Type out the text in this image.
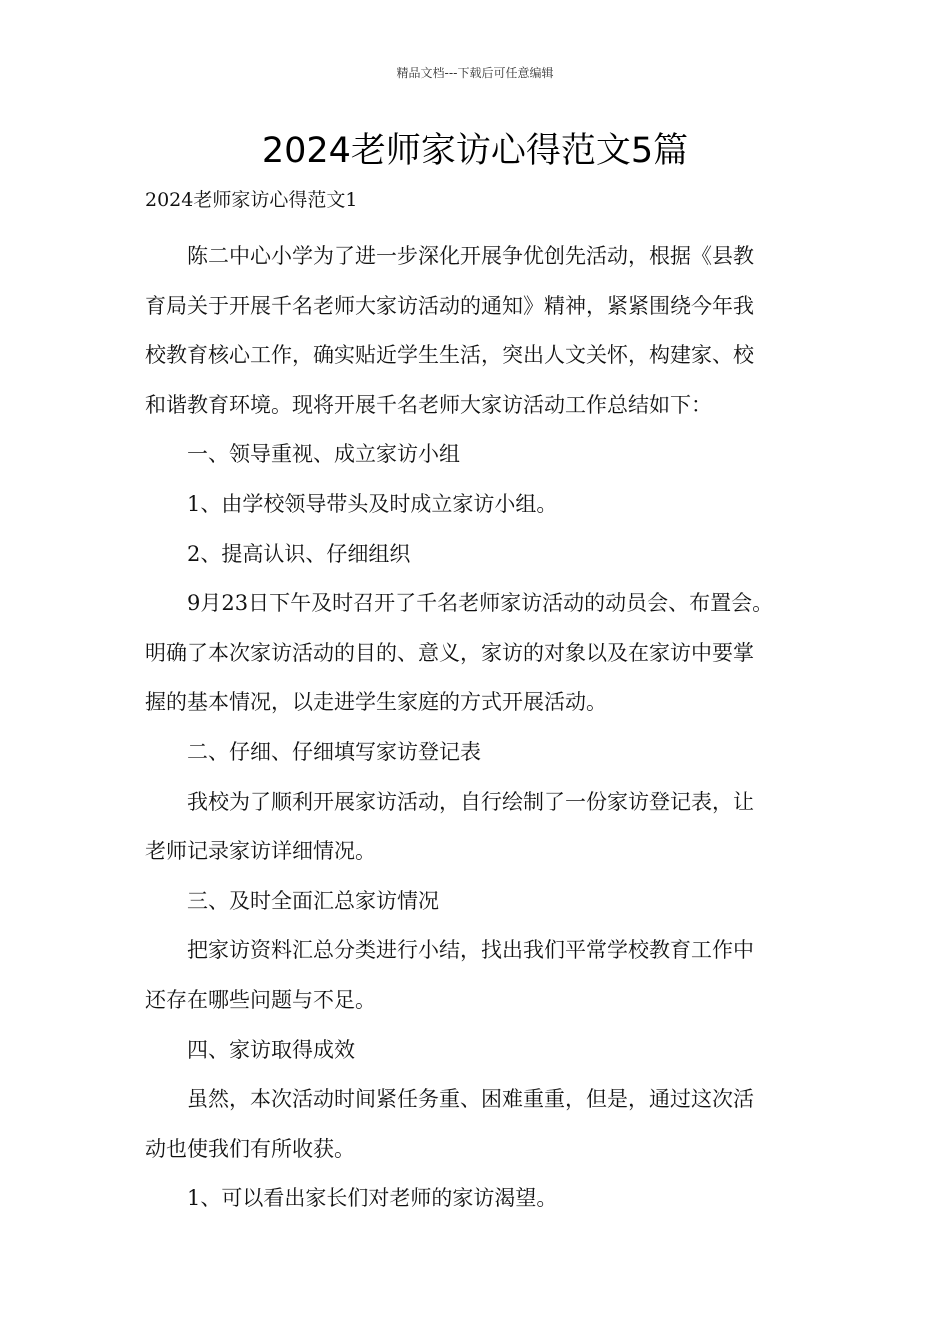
精品文档---下载后可任意编辑
2024老师家访心得范文5篇
2024老师家访心得范文1

陈二中心小学为了进一步深化开展争优创先活动，根据《县教
育局关于开展千名老师大家访活动的通知》精神，紧紧围绕今年我
校教育核心工作，确实贴近学生生活，突出人文关怀，构建家、校
和谐教育环境。现将开展千名老师大家访活动工作总结如下：

一、领导重视、成立家访小组

1、由学校领导带头及时成立家访小组。

2、提高认识、仔细组织

9月23日下午及时召开了千名老师家访活动的动员会、布置会。
明确了本次家访活动的目的、意义，家访的对象以及在家访中要掌
握的基本情况，以走进学生家庭的方式开展活动。

二、仔细、仔细填写家访登记表

我校为了顺利开展家访活动，自行绘制了一份家访登记表，让
老师记录家访详细情况。

三、及时全面汇总家访情况

把家访资料汇总分类进行小结，找出我们平常学校教育工作中
还存在哪些问题与不足。

四、家访取得成效

虽然，本次活动时间紧任务重、困难重重，但是，通过这次活
动也使我们有所收获。

1、可以看出家长们对老师的家访渴望。
